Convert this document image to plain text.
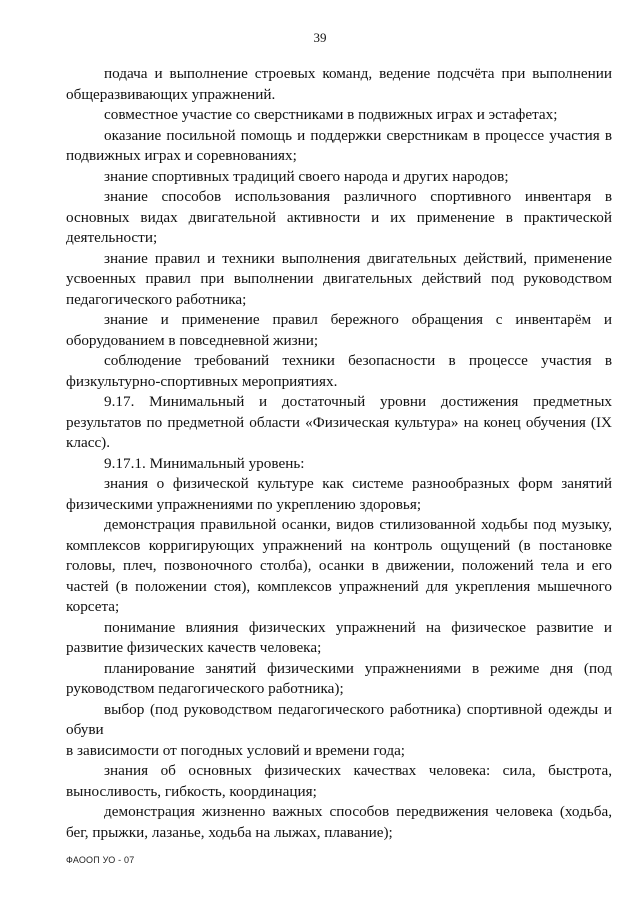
39

подача и выполнение строевых команд, ведение подсчёта при выполнении общеразвивающих упражнений.

совместное участие со сверстниками в подвижных играх и эстафетах;

оказание посильной помощь и поддержки сверстникам в процессе участия в подвижных играх и соревнованиях;

знание спортивных традиций своего народа и других народов;

знание способов использования различного спортивного инвентаря в основных видах двигательной активности и их применение в практической деятельности;

знание правил и техники выполнения двигательных действий, применение усвоенных правил при выполнении двигательных действий под руководством педагогического работника;

знание и применение правил бережного обращения с инвентарём и оборудованием в повседневной жизни;

соблюдение требований техники безопасности в процессе участия в физкультурно-спортивных мероприятиях.

9.17. Минимальный и достаточный уровни достижения предметных результатов по предметной области «Физическая культура» на конец обучения (IX класс).

9.17.1. Минимальный уровень:

знания о физической культуре как системе разнообразных форм занятий физическими упражнениями по укреплению здоровья;

демонстрация правильной осанки, видов стилизованной ходьбы под музыку, комплексов корригирующих упражнений на контроль ощущений (в постановке головы, плеч, позвоночного столба), осанки в движении, положений тела и его частей (в положении стоя), комплексов упражнений для укрепления мышечного корсета;

понимание влияния физических упражнений на физическое развитие и развитие физических качеств человека;

планирование занятий физическими упражнениями в режиме дня (под руководством педагогического работника);

выбор (под руководством педагогического работника) спортивной одежды и обуви

в зависимости от погодных условий и времени года;

знания об основных физических качествах человека: сила, быстрота, выносливость, гибкость, координация;

демонстрация жизненно важных способов передвижения человека (ходьба, бег, прыжки, лазанье, ходьба на лыжах, плавание);

ФАООП УО - 07
